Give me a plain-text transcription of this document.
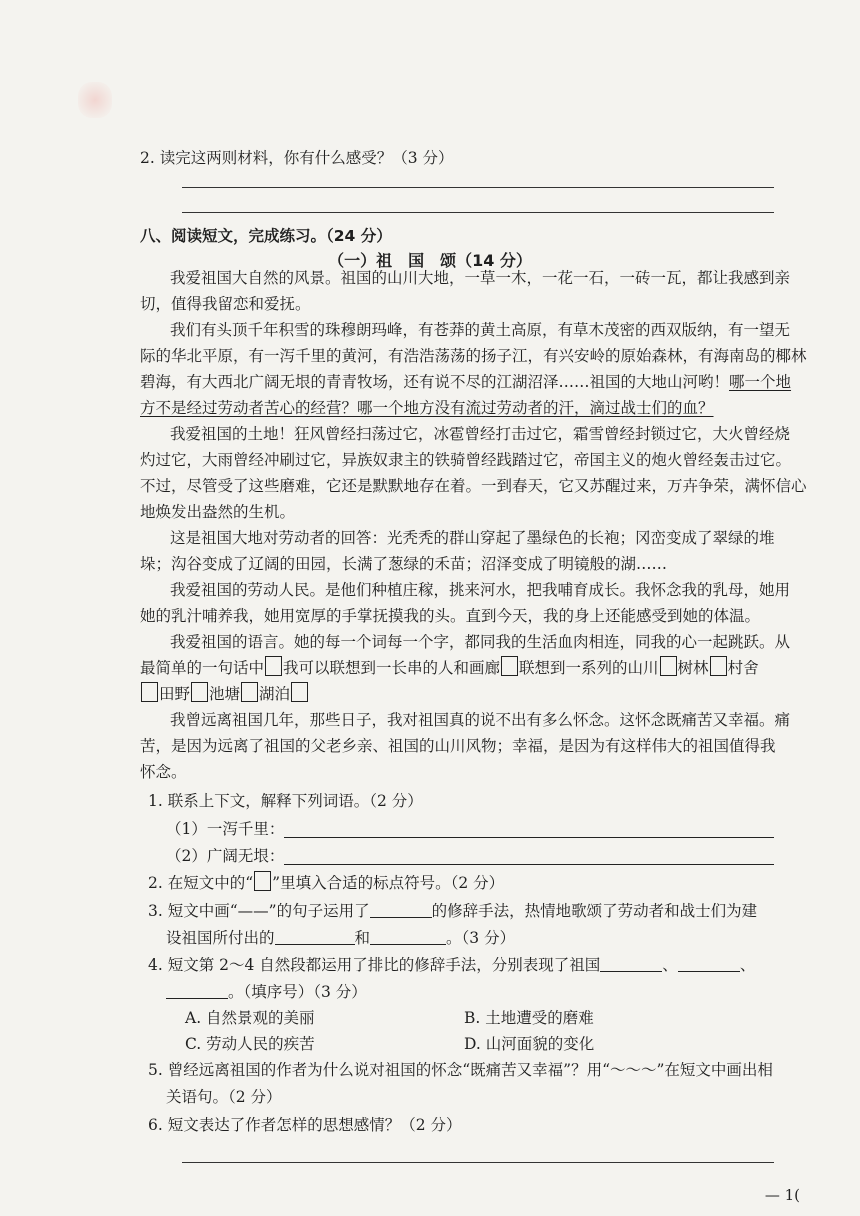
2. 读完这两则材料，你有什么感受？（3 分）
八、阅读短文，完成练习。（24 分）
（一）祖　国　颂（14 分）
我爱祖国大自然的风景。祖国的山川大地，一草一木，一花一石，一砖一瓦，都让我感到亲
切，值得我留恋和爱抚。
我们有头顶千年积雪的珠穆朗玛峰，有苍莽的黄土高原，有草木茂密的西双版纳，有一望无
际的华北平原，有一泻千里的黄河，有浩浩荡荡的扬子江，有兴安岭的原始森林，有海南岛的椰林
碧海，有大西北广阔无垠的青青牧场，还有说不尽的江湖沼泽……祖国的大地山河哟！哪一个地
方不是经过劳动者苦心的经营？哪一个地方没有流过劳动者的汗，滴过战士们的血？
我爱祖国的土地！狂风曾经扫荡过它，冰雹曾经打击过它，霜雪曾经封锁过它，大火曾经烧
灼过它，大雨曾经冲刷过它，异族奴隶主的铁骑曾经践踏过它，帝国主义的炮火曾经轰击过它。
不过，尽管受了这些磨难，它还是默默地存在着。一到春天，它又苏醒过来，万卉争荣，满怀信心
地焕发出盎然的生机。
这是祖国大地对劳动者的回答：光秃秃的群山穿起了墨绿色的长袍；冈峦变成了翠绿的堆
垛；沟谷变成了辽阔的田园，长满了葱绿的禾苗；沼泽变成了明镜般的湖……
我爱祖国的劳动人民。是他们种植庄稼，挑来河水，把我哺育成长。我怀念我的乳母，她用
她的乳汁哺养我，她用宽厚的手掌抚摸我的头。直到今天，我的身上还能感受到她的体温。
我爱祖国的语言。她的每一个词每一个字，都同我的生活血肉相连，同我的心一起跳跃。从
最简单的一句话中 我可以联想到一长串的人和画廊 联想到一系列的山川 树林 村舍
田野 池塘 湖泊
我曾远离祖国几年，那些日子，我对祖国真的说不出有多么怀念。这怀念既痛苦又幸福。痛
苦，是因为远离了祖国的父老乡亲、祖国的山川风物；幸福，是因为有这样伟大的祖国值得我
怀念。
1. 联系上下文，解释下列词语。（2 分）
（1）一泻千里：
（2）广阔无垠：
2. 在短文中的“ ”里填入合适的标点符号。（2 分）
3. 短文中画“——”的句子运用了	的修辞手法，热情地歌颂了劳动者和战士们为建
设祖国所付出的	和	。（3 分）
4. 短文第 2～4 自然段都运用了排比的修辞手法，分别表现了祖国	、	、
。（填序号）（3 分）
A. 自然景观的美丽	B. 土地遭受的磨难
C. 劳动人民的疾苦	D. 山河面貌的变化
5. 曾经远离祖国的作者为什么说对祖国的怀念“既痛苦又幸福”？用“～～～”在短文中画出相
关语句。（2 分）
6. 短文表达了作者怎样的思想感情？（2 分）
— 1(
